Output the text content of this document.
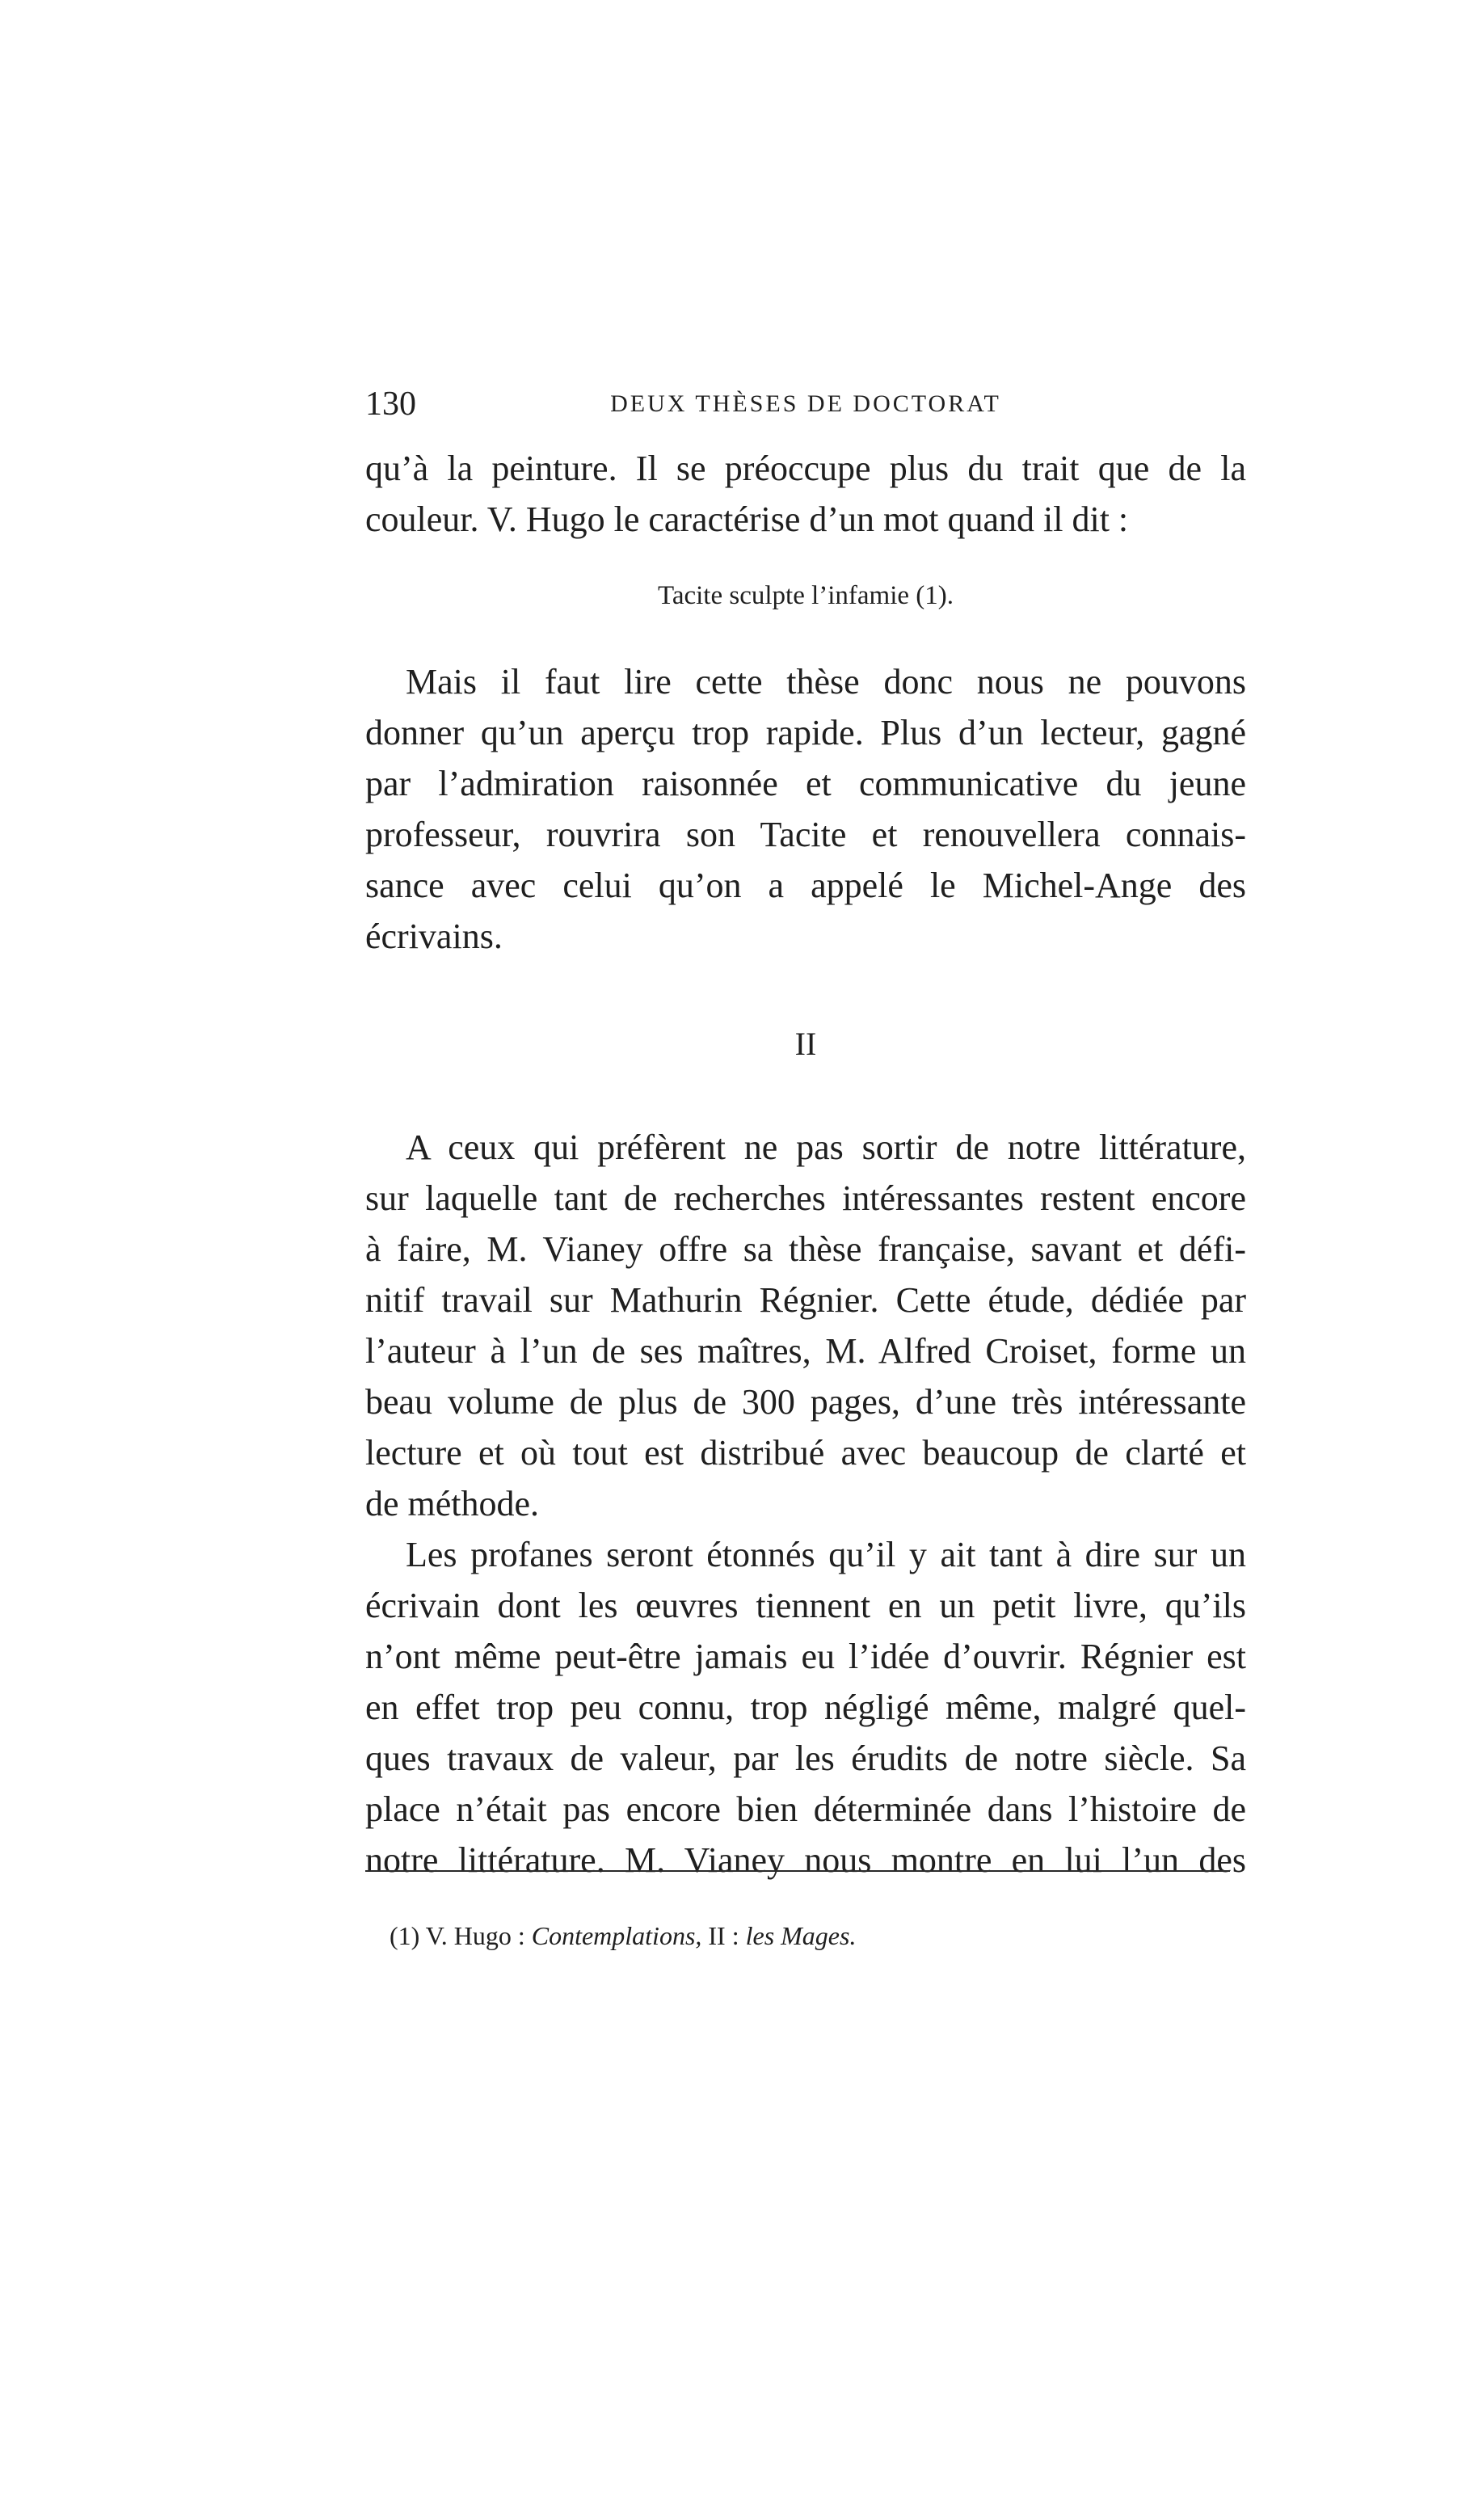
130	DEUX THÈSES DE DOCTORAT
qu’à la peinture. Il se préoccupe plus du trait que de la
couleur. V. Hugo le caractérise d’un mot quand il dit :
Tacite sculpte l’infamie (1).
Mais il faut lire cette thèse donc nous ne pouvons
donner qu’un aperçu trop rapide. Plus d’un lecteur, gagné
par l’admiration raisonnée et communicative du jeune
professeur, rouvrira son Tacite et renouvellera connais-
sance avec celui qu’on a appelé le Michel-Ange des
écrivains.
II
A ceux qui préfèrent ne pas sortir de notre littérature,
sur laquelle tant de recherches intéressantes restent encore
à faire, M. Vianey offre sa thèse française, savant et défi-
nitif travail sur Mathurin Régnier. Cette étude, dédiée par
l’auteur à l’un de ses maîtres, M. Alfred Croiset, forme un
beau volume de plus de 300 pages, d’une très intéressante
lecture et où tout est distribué avec beaucoup de clarté et
de méthode.
Les profanes seront étonnés qu’il y ait tant à dire sur un
écrivain dont les œuvres tiennent en un petit livre, qu’ils
n’ont même peut-être jamais eu l’idée d’ouvrir. Régnier est
en effet trop peu connu, trop négligé même, malgré quel-
ques travaux de valeur, par les érudits de notre siècle. Sa
place n’était pas encore bien déterminée dans l’histoire de
notre littérature. M. Vianey nous montre en lui l’un des
(1) V. Hugo : Contemplations, II : les Mages.
